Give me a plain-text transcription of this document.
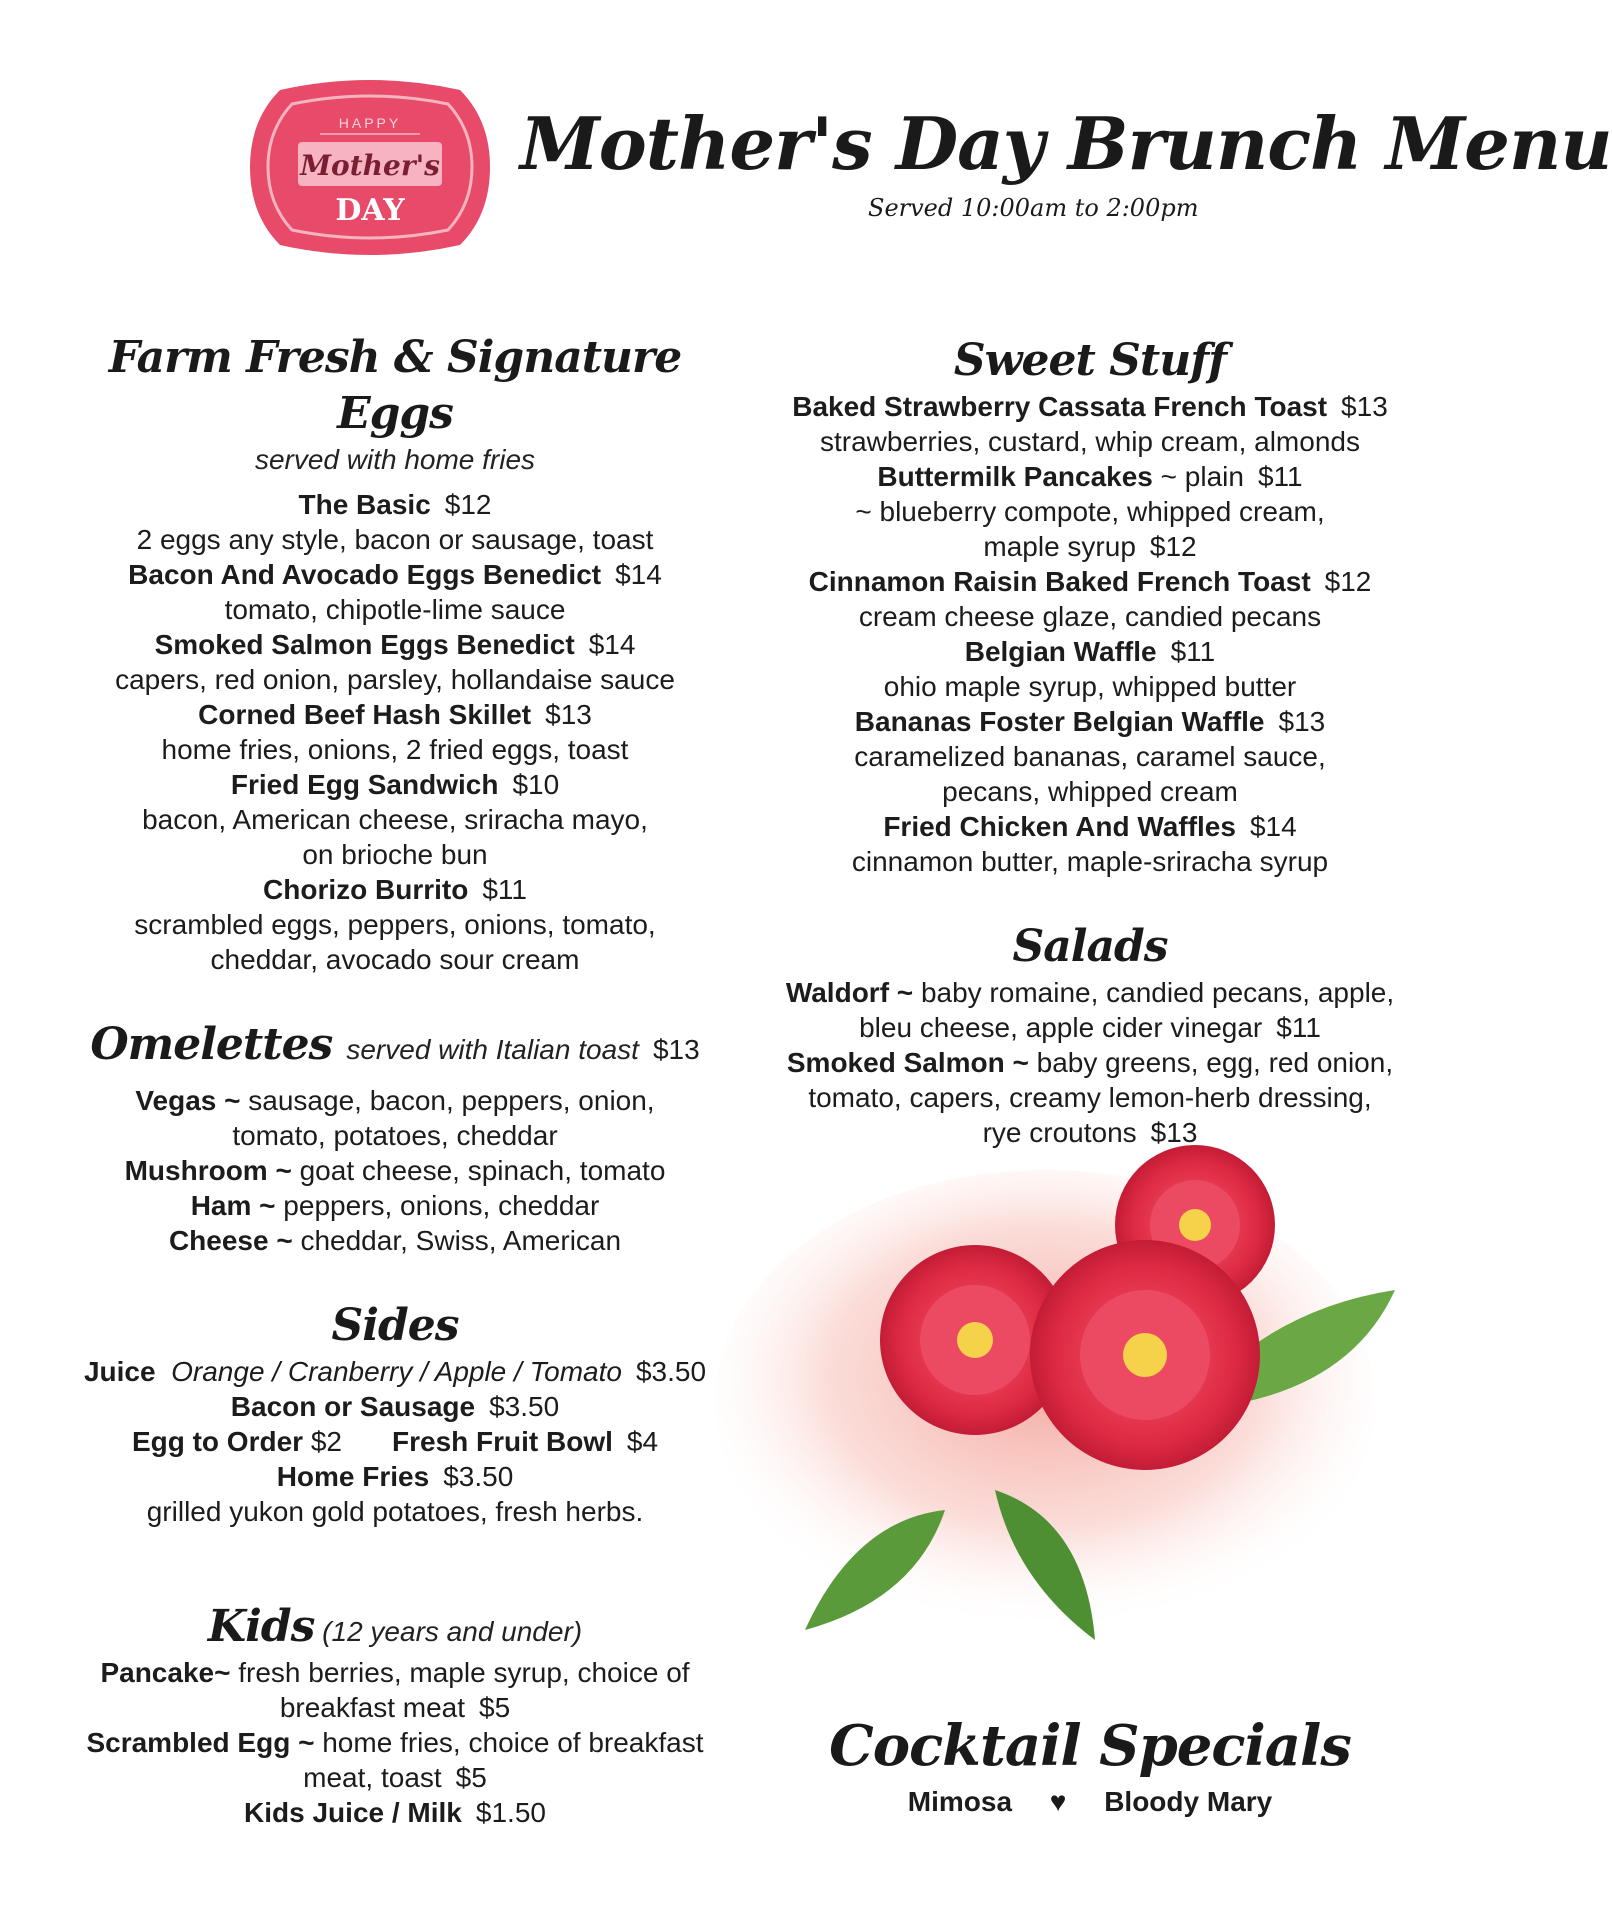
HAPPY
Mother's
DAY
Mother's Day Brunch Menu
Served 10:00am to 2:00pm
Farm Fresh & Signature Eggs
served with home fries
The Basic $12
2 eggs any style, bacon or sausage, toast
Bacon And Avocado Eggs Benedict $14
tomato, chipotle-lime sauce
Smoked Salmon Eggs Benedict $14
capers, red onion, parsley, hollandaise sauce
Corned Beef Hash Skillet $13
home fries, onions, 2 fried eggs, toast
Fried Egg Sandwich $10
bacon, American cheese, sriracha mayo,
on brioche bun
Chorizo Burrito $11
scrambled eggs, peppers, onions, tomato,
cheddar, avocado sour cream
Omelettes served with Italian toast $13
Vegas ~ sausage, bacon, peppers, onion,
tomato, potatoes, cheddar
Mushroom ~ goat cheese, spinach, tomato
Ham ~ peppers, onions, cheddar
Cheese ~ cheddar, Swiss, American
Sides
Juice Orange / Cranberry / Apple / Tomato $3.50
Bacon or Sausage $3.50
Egg to Order $2 Fresh Fruit Bowl $4
Home Fries $3.50
grilled yukon gold potatoes, fresh herbs.
Kids (12 years and under)
Pancake~ fresh berries, maple syrup, choice of
breakfast meat $5
Scrambled Egg ~ home fries, choice of breakfast
meat, toast $5
Kids Juice / Milk $1.50
Sweet Stuff
Baked Strawberry Cassata French Toast $13
strawberries, custard, whip cream, almonds
Buttermilk Pancakes ~ plain $11
~ blueberry compote, whipped cream,
maple syrup $12
Cinnamon Raisin Baked French Toast $12
cream cheese glaze, candied pecans
Belgian Waffle $11
ohio maple syrup, whipped butter
Bananas Foster Belgian Waffle $13
caramelized bananas, caramel sauce,
pecans, whipped cream
Fried Chicken And Waffles $14
cinnamon butter, maple-sriracha syrup
Salads
Waldorf ~ baby romaine, candied pecans, apple,
bleu cheese, apple cider vinegar $11
Smoked Salmon ~ baby greens, egg, red onion,
tomato, capers, creamy lemon-herb dressing,
rye croutons $13
Cocktail Specials
Mimosa ♥ Bloody Mary
